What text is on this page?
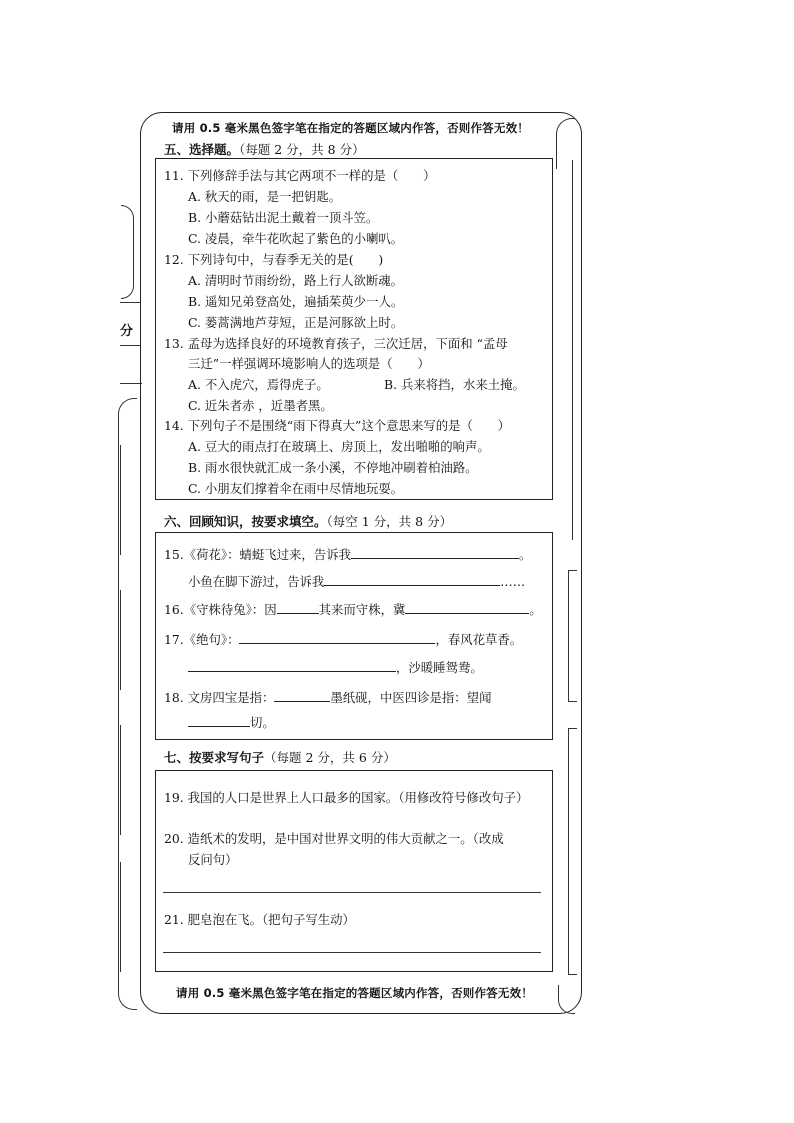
分
请用 0.5 毫米黑色签字笔在指定的答题区域内作答，否则作答无效！
五、选择题。（每题 2 分，共 8 分）
11. 下列修辞手法与其它两项不一样的是（　　）
A. 秋天的雨，是一把钥匙。
B. 小蘑菇钻出泥土戴着一顶斗笠。
C. 凌晨，牵牛花吹起了紫色的小喇叭。
12. 下列诗句中，与春季无关的是(　　)
A. 清明时节雨纷纷，路上行人欲断魂。
B. 遥知兄弟登高处，遍插茱萸少一人。
C. 蒌蒿满地芦芽短，正是河豚欲上时。
13. 孟母为选择良好的环境教育孩子，三次迁居，下面和 “孟母
三迁”一样强调环境影响人的选项是（　　）
A. 不入虎穴，焉得虎子。	B. 兵来将挡，水来土掩。
C. 近朱者赤 ，近墨者黑。
14. 下列句子不是围绕“雨下得真大”这个意思来写的是（　　）
A. 豆大的雨点打在玻璃上、房顶上，发出啪啪的响声。
B. 雨水很快就汇成一条小溪，不停地冲刷着柏油路。
C. 小朋友们撑着伞在雨中尽情地玩耍。
六、回顾知识，按要求填空。（每空 1 分，共 8 分）
15.《荷花》：蜻蜓飞过来，告诉我	。
小鱼在脚下游过，告诉我	……
16.《守株待兔》：因	其来而守株，冀	。
17.《绝句》：	，春风花草香。
，沙暖睡鸳鸯。
18. 文房四宝是指：	墨纸砚，中医四诊是指：望闻
切。
七、按要求写句子（每题 2 分，共 6 分）
19. 我国的人口是世界上人口最多的国家。（用修改符号修改句子）
20. 造纸术的发明，是中国对世界文明的伟大贡献之一。（改成
反问句）
21. 肥皂泡在飞。（把句子写生动）
请用 0.5 毫米黑色签字笔在指定的答题区域内作答，否则作答无效！
